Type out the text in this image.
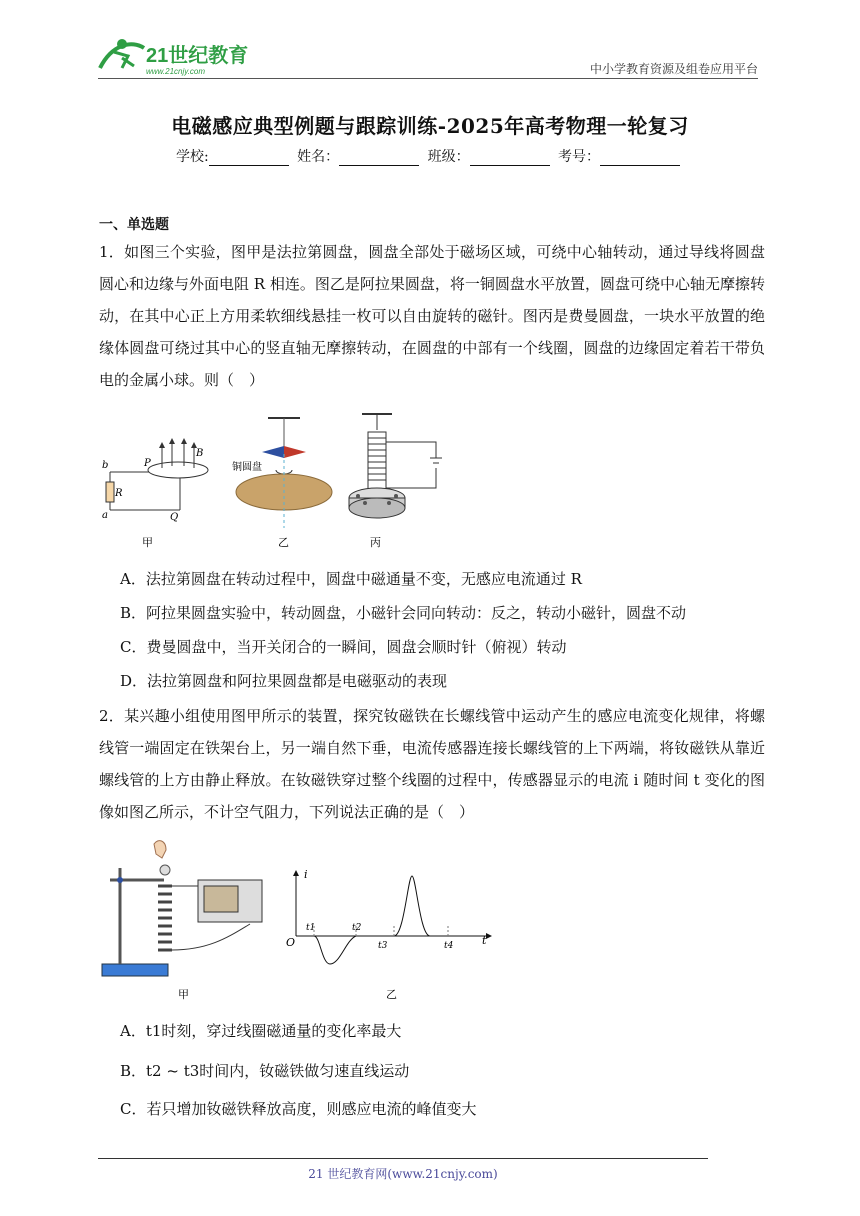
21世纪教育
www.21cnjy.com	中小学教育资源及组卷应用平台
电磁感应典型例题与跟踪训练-2025年高考物理一轮复习
学校:	姓名：	班级：	考号：
一、单选题
1．如图三个实验，图甲是法拉第圆盘，圆盘全部处于磁场区域，可绕中心轴转动，通过导线将圆盘圆心和边缘与外面电阻 R 相连。图乙是阿拉果圆盘，将一铜圆盘水平放置，圆盘可绕中心轴无摩擦转动，在其中心正上方用柔软细线悬挂一枚可以自由旋转的磁针。图丙是费曼圆盘，一块水平放置的绝缘体圆盘可绕过其中心的竖直轴无摩擦转动，在圆盘的中部有一个线圈，圆盘的边缘固定着若干带负电的金属小球。则（　）
b
R
a
P
B
Q
甲
铜圆盘
乙	丙
A．法拉第圆盘在转动过程中，圆盘中磁通量不变，无感应电流通过 R
B．阿拉果圆盘实验中，转动圆盘，小磁针会同向转动：反之，转动小磁针，圆盘不动
C．费曼圆盘中，当开关闭合的一瞬间，圆盘会顺时针（俯视）转动
D．法拉第圆盘和阿拉果圆盘都是电磁驱动的表现
2．某兴趣小组使用图甲所示的装置，探究钕磁铁在长螺线管中运动产生的感应电流变化规律，将螺线管一端固定在铁架台上，另一端自然下垂，电流传感器连接长螺线管的上下两端，将钕磁铁从靠近螺线管的上方由静止释放。在钕磁铁穿过整个线圈的过程中，传感器显示的电流 i 随时间 t 变化的图像如图乙所示，不计空气阻力，下列说法正确的是（　）
甲
i
t
O
t1	t2
t3	t4
乙
A．t1时刻，穿过线圈磁通量的变化率最大
B．t2 ~ t3时间内，钕磁铁做匀速直线运动
C．若只增加钕磁铁释放高度，则感应电流的峰值变大
21 世纪教育网(www.21cnjy.com)
